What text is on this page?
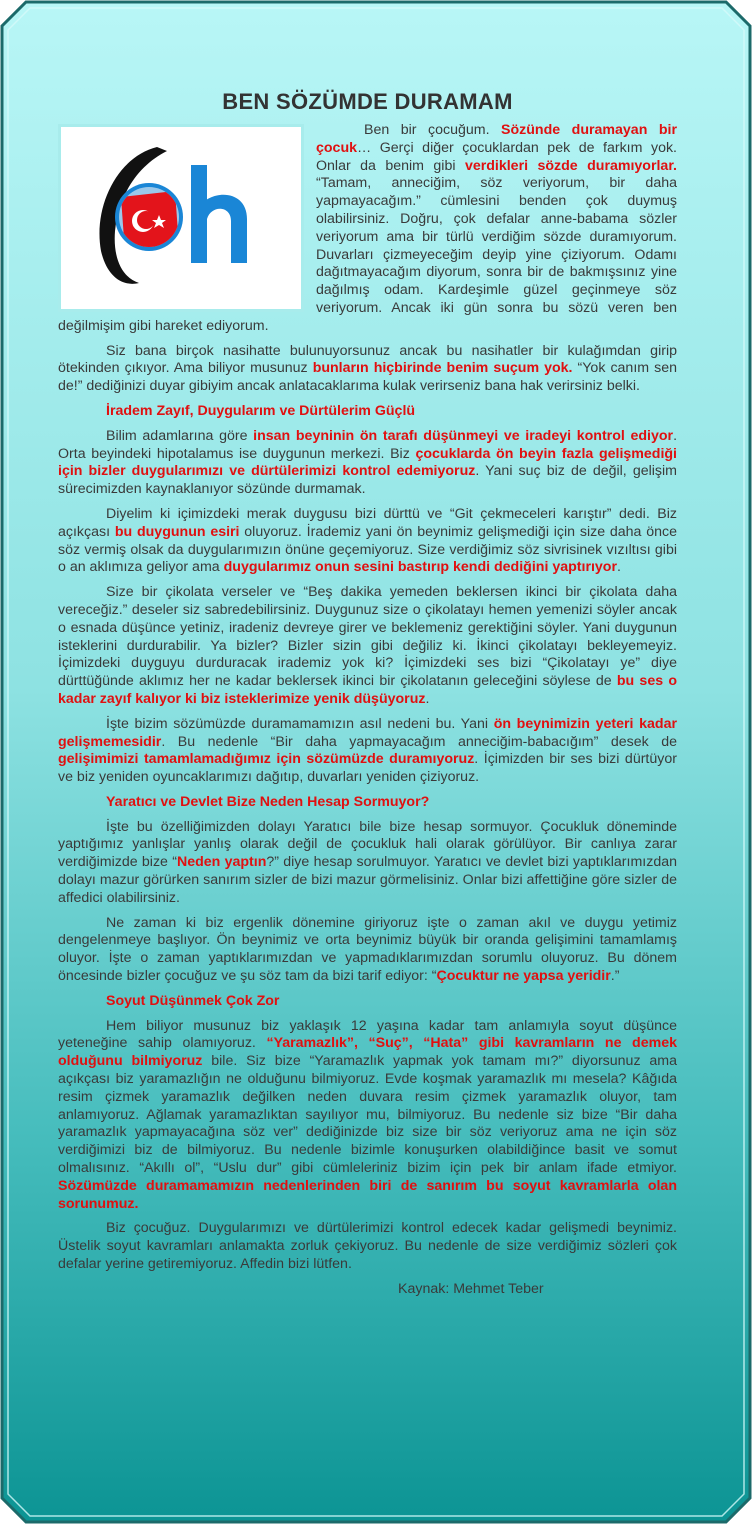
BEN SÖZÜMDE DURAMAM

Ben bir çocuğum. Sözünde duramayan bir çocuk… Gerçi diğer çocuklardan pek de farkım yok. Onlar da benim gibi verdikleri sözde duramıyorlar. “Tamam, anneciğim, söz veriyorum, bir daha yapmayacağım.” cümlesini benden çok duymuş olabilirsiniz. Doğru, çok defalar anne-babama sözler veriyorum ama bir türlü verdiğim sözde duramıyorum. Duvarları çizmeyeceğim deyip yine çiziyorum. Odamı dağıtmayacağım diyorum, sonra bir de bakmışsınız yine dağılmış odam. Kardeşimle güzel geçinmeye söz veriyorum. Ancak iki gün sonra bu sözü veren ben değilmişim gibi hareket ediyorum.

Siz bana birçok nasihatte bulunuyorsunuz ancak bu nasihatler bir kulağımdan girip ötekinden çıkıyor. Ama biliyor musunuz bunların hiçbirinde benim suçum yok. “Yok canım sen de!” dediğinizi duyar gibiyim ancak anlatacaklarıma kulak verirseniz bana hak verirsiniz belki.

İradem Zayıf, Duygularım ve Dürtülerim Güçlü

Bilim adamlarına göre insan beyninin ön tarafı düşünmeyi ve iradeyi kontrol ediyor. Orta beyindeki hipotalamus ise duygunun merkezi. Biz çocuklarda ön beyin fazla gelişmediği için bizler duygularımızı ve dürtülerimizi kontrol edemiyoruz. Yani suç biz de değil, gelişim sürecimizden kaynaklanıyor sözünde durmamak.

Diyelim ki içimizdeki merak duygusu bizi dürttü ve “Git çekmeceleri karıştır” dedi. Biz açıkçası bu duygunun esiri oluyoruz. İrademiz yani ön beynimiz gelişmediği için size daha önce söz vermiş olsak da duygularımızın önüne geçemiyoruz. Size verdiğimiz söz sivrisinek vızıltısı gibi o an aklımıza geliyor ama duygularımız onun sesini bastırıp kendi dediğini yaptırıyor.

Size bir çikolata verseler ve “Beş dakika yemeden beklersen ikinci bir çikolata daha vereceğiz.” deseler siz sabredebilirsiniz. Duygunuz size o çikolatayı hemen yemenizi söyler ancak o esnada düşünce yetiniz, iradeniz devreye girer ve beklemeniz gerektiğini söyler. Yani duygunun isteklerini durdurabilir. Ya bizler? Bizler sizin gibi değiliz ki. İkinci çikolatayı bekleyemeyiz. İçimizdeki duyguyu durduracak irademiz yok ki? İçimizdeki ses bizi “Çikolatayı ye” diye dürttüğünde aklımız her ne kadar beklersek ikinci bir çikolatanın geleceğini söylese de bu ses o kadar zayıf kalıyor ki biz isteklerimize yenik düşüyoruz.

İşte bizim sözümüzde duramamamızın asıl nedeni bu. Yani ön beynimizin yeteri kadar gelişmemesidir. Bu nedenle “Bir daha yapmayacağım anneciğim-babacığım” desek de gelişimimizi tamamlamadığımız için sözümüzde duramıyoruz. İçimizden bir ses bizi dürtüyor ve biz yeniden oyuncaklarımızı dağıtıp, duvarları yeniden çiziyoruz.

Yaratıcı ve Devlet Bize Neden Hesap Sormuyor?

İşte bu özelliğimizden dolayı Yaratıcı bile bize hesap sormuyor. Çocukluk döneminde yaptığımız yanlışlar yanlış olarak değil de çocukluk hali olarak görülüyor. Bir canlıya zarar verdiğimizde bize “Neden yaptın?” diye hesap sorulmuyor. Yaratıcı ve devlet bizi yaptıklarımızdan dolayı mazur görürken sanırım sizler de bizi mazur görmelisiniz. Onlar bizi affettiğine göre sizler de affedici olabilirsiniz.

Ne zaman ki biz ergenlik dönemine giriyoruz işte o zaman akıl ve duygu yetimiz dengelenmeye başlıyor. Ön beynimiz ve orta beynimiz büyük bir oranda gelişimini tamamlamış oluyor. İşte o zaman yaptıklarımızdan ve yapmadıklarımızdan sorumlu oluyoruz. Bu dönem öncesinde bizler çocuğuz ve şu söz tam da bizi tarif ediyor: “Çocuktur ne yapsa yeridir.”

Soyut Düşünmek Çok Zor

Hem biliyor musunuz biz yaklaşık 12 yaşına kadar tam anlamıyla soyut düşünce yeteneğine sahip olamıyoruz. “Yaramazlık”, “Suç”, “Hata” gibi kavramların ne demek olduğunu bilmiyoruz bile. Siz bize “Yaramazlık yapmak yok tamam mı?” diyorsunuz ama açıkçası biz yaramazlığın ne olduğunu bilmiyoruz. Evde koşmak yaramazlık mı mesela? Kâğıda resim çizmek yaramazlık değilken neden duvara resim çizmek yaramazlık oluyor, tam anlamıyoruz. Ağlamak yaramazlıktan sayılıyor mu, bilmiyoruz. Bu nedenle siz bize “Bir daha yaramazlık yapmayacağına söz ver” dediğinizde biz size bir söz veriyoruz ama ne için söz verdiğimizi biz de bilmiyoruz. Bu nedenle bizimle konuşurken olabildiğince basit ve somut olmalısınız. “Akıllı ol”, “Uslu dur” gibi cümleleriniz bizim için pek bir anlam ifade etmiyor. Sözümüzde duramamamızın nedenlerinden biri de sanırım bu soyut kavramlarla olan sorunumuz.

Biz çocuğuz. Duygularımızı ve dürtülerimizi kontrol edecek kadar gelişmedi beynimiz. Üstelik soyut kavramları anlamakta zorluk çekiyoruz. Bu nedenle de size verdiğimiz sözleri çok defalar yerine getiremiyoruz. Affedin bizi lütfen.

Kaynak: Mehmet Teber
